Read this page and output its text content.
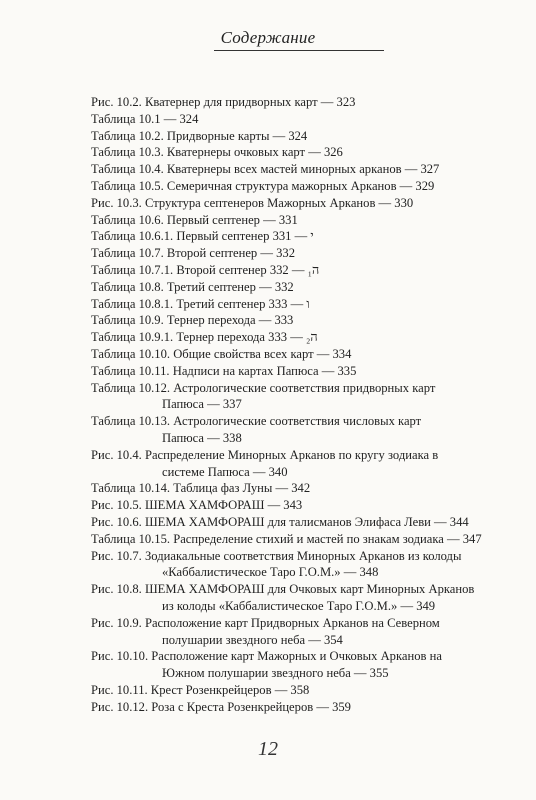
Содержание
Рис. 10.2. Кватернер для придворных карт — 323
Таблица 10.1 — 324
Таблица 10.2. Придворные карты — 324
Таблица 10.3. Кватернеры очковых карт — 326
Таблица 10.4. Кватернеры всех мастей минорных арканов — 327
Таблица 10.5. Семеричная структура мажорных Арканов — 329
Рис. 10.3. Структура септенеров Мажорных Арканов — 330
Таблица 10.6. Первый септенер — 331
Таблица 10.6.1. Первый септенер י — 331
Таблица 10.7. Второй септенер — 332
Таблица 10.7.1. Второй септенер ה₁ — 332
Таблица 10.8. Третий септенер — 332
Таблица 10.8.1. Третий септенер ו — 333
Таблица 10.9. Тернер перехода — 333
Таблица 10.9.1. Тернер перехода ה₂ — 333
Таблица 10.10. Общие свойства всех карт — 334
Таблица 10.11. Надписи на картах Папюса — 335
Таблица 10.12. Астрологические соответствия придворных карт
Папюса — 337
Таблица 10.13. Астрологические соответствия числовых карт
Папюса — 338
Рис. 10.4. Распределение Минорных Арканов по кругу зодиака в
системе Папюса — 340
Таблица 10.14. Таблица фаз Луны — 342
Рис. 10.5. ШЕМА ХАМФОРАШ — 343
Рис. 10.6. ШЕМА ХАМФОРАШ для талисманов Элифаса Леви — 344
Таблица 10.15. Распределение стихий и мастей по знакам зодиака — 347
Рис. 10.7. Зодиакальные соответствия Минорных Арканов из колоды
«Каббалистическое Таро Г.О.М.» — 348
Рис. 10.8. ШЕМА ХАМФОРАШ для Очковых карт Минорных Арканов
из колоды «Каббалистическое Таро Г.О.М.» — 349
Рис. 10.9. Расположение карт Придворных Арканов на Северном
полушарии звездного неба — 354
Рис. 10.10. Расположение карт Мажорных и Очковых Арканов на
Южном полушарии звездного неба — 355
Рис. 10.11. Крест Розенкрейцеров — 358
Рис. 10.12. Роза с Креста Розенкрейцеров — 359
12
